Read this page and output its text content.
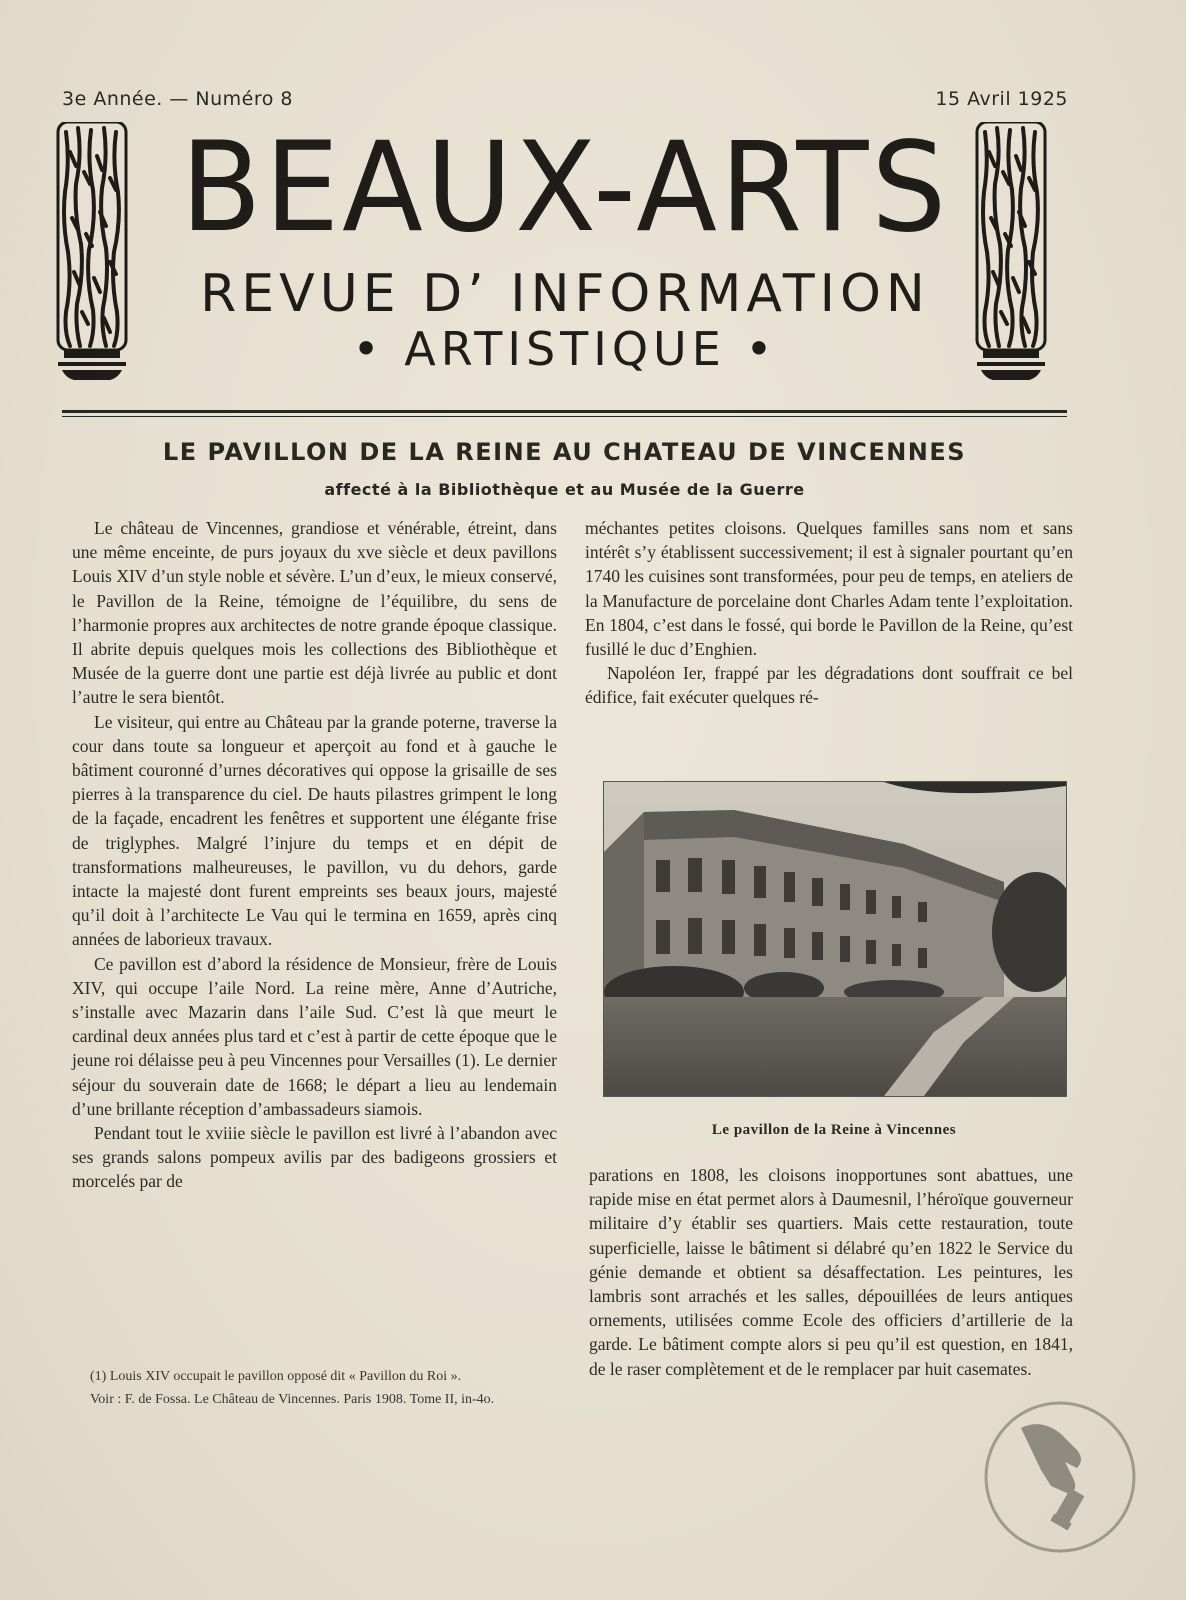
3e Année. — Numéro 8	15 Avril 1925
BEAUX-ARTS
REVUE D’ INFORMATION
• ARTISTIQUE •
LE PAVILLON DE LA REINE AU CHATEAU DE VINCENNES
affecté à la Bibliothèque et au Musée de la Guerre

Le château de Vincennes, grandiose et vénérable, étreint, dans une même enceinte, de purs joyaux du xve siècle et deux pavillons Louis XIV d’un style noble et sévère. L’un d’eux, le mieux conservé, le Pavillon de la Reine, témoigne de l’équilibre, du sens de l’harmonie propres aux architectes de notre grande époque classique. Il abrite depuis quelques mois les collections des Bibliothèque et Musée de la guerre dont une partie est déjà livrée au public et dont l’autre le sera bientôt.

Le visiteur, qui entre au Château par la grande poterne, traverse la cour dans toute sa longueur et aperçoit au fond et à gauche le bâtiment couronné d’urnes décoratives qui oppose la grisaille de ses pierres à la transparence du ciel. De hauts pilastres grimpent le long de la façade, encadrent les fenêtres et supportent une élégante frise de triglyphes. Malgré l’injure du temps et en dépit de transformations malheureuses, le pavillon, vu du dehors, garde intacte la majesté dont furent empreints ses beaux jours, majesté qu’il doit à l’architecte Le Vau qui le termina en 1659, après cinq années de laborieux travaux.

Ce pavillon est d’abord la résidence de Monsieur, frère de Louis XIV, qui occupe l’aile Nord. La reine mère, Anne d’Autriche, s’installe avec Mazarin dans l’aile Sud. C’est là que meurt le cardinal deux années plus tard et c’est à partir de cette époque que le jeune roi délaisse peu à peu Vincennes pour Versailles (1). Le dernier séjour du souverain date de 1668; le départ a lieu au lendemain d’une brillante réception d’ambassadeurs siamois.

Pendant tout le xviiie siècle le pavillon est livré à l’abandon avec ses grands salons pompeux avilis par des badigeons grossiers et morcelés par de

(1) Louis XIV occupait le pavillon opposé dit « Pavillon du Roi ».

Voir : F. de Fossa. Le Château de Vincennes. Paris 1908. Tome II, in-4o.

méchantes petites cloisons. Quelques familles sans nom et sans intérêt s’y établissent successivement; il est à signaler pourtant qu’en 1740 les cuisines sont transformées, pour peu de temps, en ateliers de la Manufacture de porcelaine dont Charles Adam tente l’exploitation. En 1804, c’est dans le fossé, qui borde le Pavillon de la Reine, qu’est fusillé le duc d’Enghien.

Napoléon Ier, frappé par les dégradations dont souffrait ce bel édifice, fait exécuter quelques ré-

Le pavillon de la Reine à Vincennes

parations en 1808, les cloisons inopportunes sont abattues, une rapide mise en état permet alors à Daumesnil, l’héroïque gouverneur militaire d’y établir ses quartiers. Mais cette restauration, toute superficielle, laisse le bâtiment si délabré qu’en 1822 le Service du génie demande et obtient sa désaffectation. Les peintures, les lambris sont arrachés et les salles, dépouillées de leurs antiques ornements, utilisées comme Ecole des officiers d’artillerie de la garde. Le bâtiment compte alors si peu qu’il est question, en 1841, de le raser complètement et de le remplacer par huit casemates.
